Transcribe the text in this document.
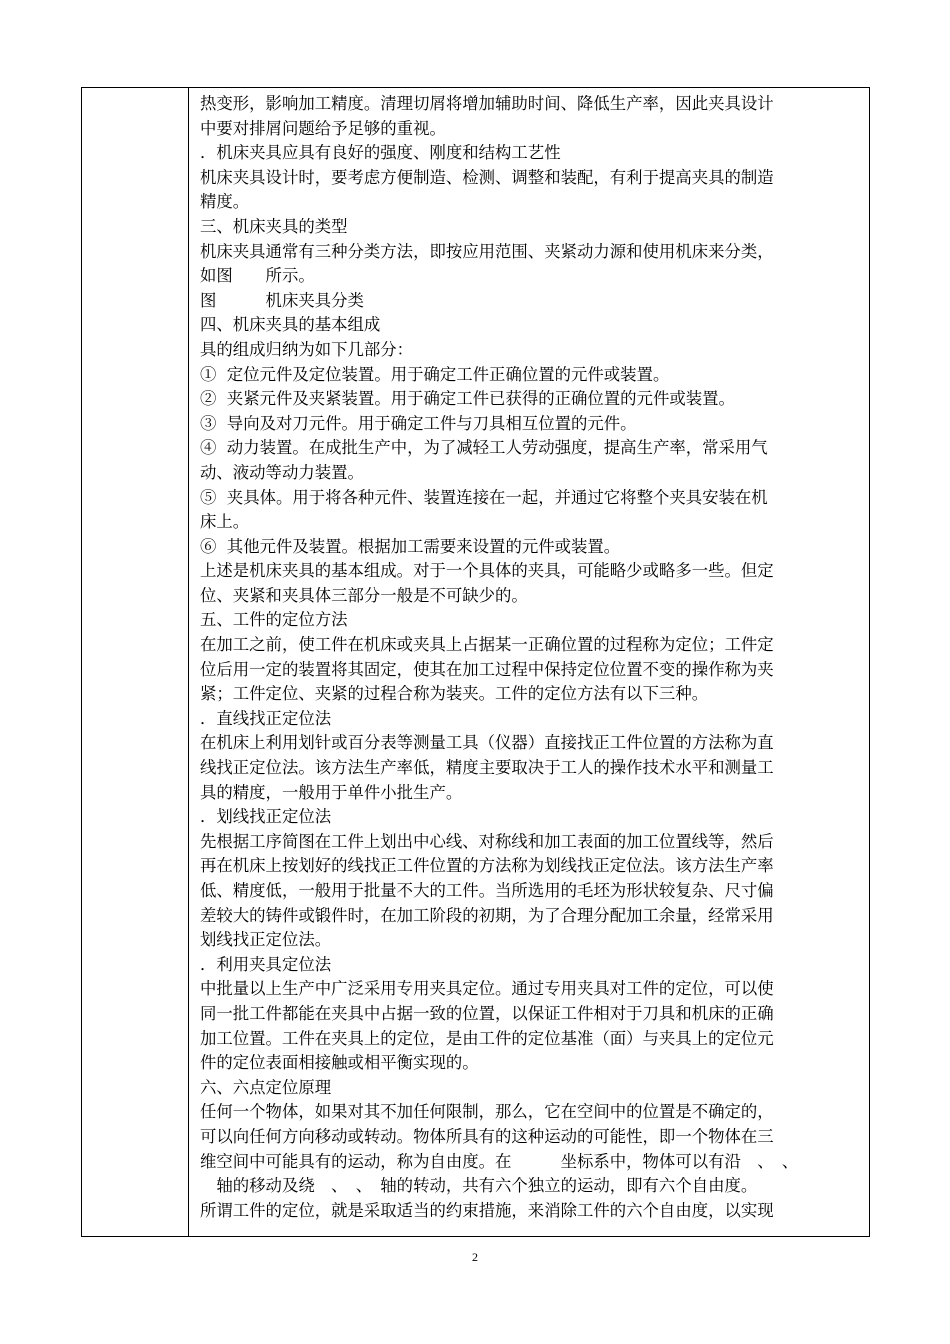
热变形，影响加工精度。清理切屑将增加辅助时间、降低生产率，因此夹具设计
中要对排屑问题给予足够的重视。
．机床夹具应具有良好的强度、刚度和结构工艺性
机床夹具设计时，要考虑方便制造、检测、调整和装配，有利于提高夹具的制造
精度。
三、机床夹具的类型
机床夹具通常有三种分类方法，即按应用范围、夹紧动力源和使用机床来分类，
如图　　所示。
图　　　机床夹具分类
四、机床夹具的基本组成
具的组成归纳为如下几部分：
①  定位元件及定位装置。用于确定工件正确位置的元件或装置。
②  夹紧元件及夹紧装置。用于确定工件已获得的正确位置的元件或装置。
③  导向及对刀元件。用于确定工件与刀具相互位置的元件。
④  动力装置。在成批生产中，为了减轻工人劳动强度，提高生产率，常采用气
动、液动等动力装置。
⑤  夹具体。用于将各种元件、装置连接在一起，并通过它将整个夹具安装在机
床上。
⑥  其他元件及装置。根据加工需要来设置的元件或装置。
上述是机床夹具的基本组成。对于一个具体的夹具，可能略少或略多一些。但定
位、夹紧和夹具体三部分一般是不可缺少的。
五、工件的定位方法
在加工之前，使工件在机床或夹具上占据某一正确位置的过程称为定位；工件定
位后用一定的装置将其固定，使其在加工过程中保持定位位置不变的操作称为夹
紧；工件定位、夹紧的过程合称为装夹。工件的定位方法有以下三种。
．直线找正定位法
在机床上利用划针或百分表等测量工具（仪器）直接找正工件位置的方法称为直
线找正定位法。该方法生产率低，精度主要取决于工人的操作技术水平和测量工
具的精度，一般用于单件小批生产。
．划线找正定位法
先根据工序简图在工件上划出中心线、对称线和加工表面的加工位置线等，然后
再在机床上按划好的线找正工件位置的方法称为划线找正定位法。该方法生产率
低、精度低，一般用于批量不大的工件。当所选用的毛坯为形状较复杂、尺寸偏
差较大的铸件或锻件时，在加工阶段的初期，为了合理分配加工余量，经常采用
划线找正定位法。
．利用夹具定位法
中批量以上生产中广泛采用专用夹具定位。通过专用夹具对工件的定位，可以使
同一批工件都能在夹具中占据一致的位置，以保证工件相对于刀具和机床的正确
加工位置。工件在夹具上的定位，是由工件的定位基准（面）与夹具上的定位元
件的定位表面相接触或相平衡实现的。
六、六点定位原理
任何一个物体，如果对其不加任何限制，那么，它在空间中的位置是不确定的，
可以向任何方向移动或转动。物体所具有的这种运动的可能性，即一个物体在三
维空间中可能具有的运动，称为自由度。在　　　坐标系中，物体可以有沿　、　、
　轴的移动及绕　、　、　轴的转动，共有六个独立的运动，即有六个自由度。
所谓工件的定位，就是采取适当的约束措施，来消除工件的六个自由度，以实现
2
